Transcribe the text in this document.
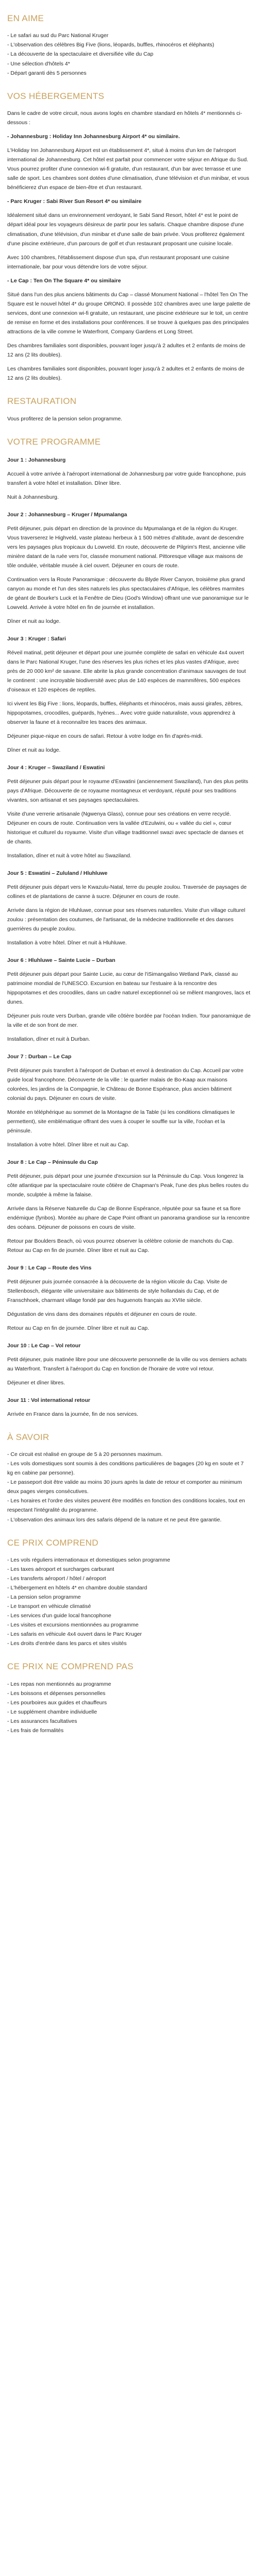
EN AIME

- Le safari au sud du Parc National Kruger

- L'observation des célèbres Big Five (lions, léopards, buffles, rhinocéros et éléphants)

- La découverte de la spectaculaire et diversifiée ville du Cap

- Une sélection d'hôtels 4*

- Départ garanti dès 5 personnes

VOS HÉBERGEMENTS

Dans le cadre de votre circuit, nous avons logés en chambre standard en hôtels 4* mentionnés ci-dessous :

- Johannesburg : Holiday Inn Johannesburg Airport 4* ou similaire.

L'Holiday Inn Johannesburg Airport est un établissement 4*, situé à moins d'un km de l'aéroport international de Johannesburg. Cet hôtel est parfait pour commencer votre séjour en Afrique du Sud. Vous pourrez profiter d'une connexion wi-fi gratuite, d'un restaurant, d'un bar avec terrasse et une salle de sport. Les chambres sont dotées d'une climatisation, d'une télévision et d'un minibar, et vous bénéficierez d'un espace de bien-être et d'un restaurant.

- Parc Kruger : Sabi River Sun Resort 4* ou similaire

Idéalement situé dans un environnement verdoyant, le Sabi Sand Resort, hôtel 4* est le point de départ idéal pour les voyageurs désireux de partir pour les safaris. Chaque chambre dispose d'une climatisation, d'une télévision, d'un minibar et d'une salle de bain privée. Vous profiterez également d'une piscine extérieure, d'un parcours de golf et d'un restaurant proposant une cuisine locale.

Avec 100 chambres, l'établissement dispose d'un spa, d'un restaurant proposant une cuisine internationale, bar pour vous détendre lors de votre séjour.

- Le Cap : Ten On The Square 4* ou similaire

Situé dans l'un des plus anciens bâtiments du Cap – classé Monument National – l'hôtel Ten On The Square est le nouvel hôtel 4* du groupe ORONO. Il possède 102 chambres avec une large palette de services, dont une connexion wi-fi gratuite, un restaurant, une piscine extérieure sur le toit, un centre de remise en forme et des installations pour conférences. Il se trouve à quelques pas des principales attractions de la ville comme le Waterfront, Company Gardens et Long Street.

Des chambres familiales sont disponibles, pouvant loger jusqu'à 2 adultes et 2 enfants de moins de 12 ans (2 lits doubles).

Les chambres familiales sont disponibles, pouvant loger jusqu'à 2 adultes et 2 enfants de moins de 12 ans (2 lits doubles).

RESTAURATION

Vous profiterez de la pension selon programme.

VOTRE PROGRAMME
Jour 1 : Johannesburg

Accueil à votre arrivée à l'aéroport international de Johannesburg par votre guide francophone, puis transfert à votre hôtel et installation. Dîner libre.

Nuit à Johannesburg.

Jour 2 : Johannesburg – Kruger / Mpumalanga

Petit déjeuner, puis départ en direction de la province du Mpumalanga et de la région du Kruger. Vous traverserez le Highveld, vaste plateau herbeux à 1 500 mètres d'altitude, avant de descendre vers les paysages plus tropicaux du Lowveld. En route, découverte de Pilgrim's Rest, ancienne ville minière datant de la ruée vers l'or, classée monument national. Pittoresque village aux maisons de tôle ondulée, véritable musée à ciel ouvert. Déjeuner en cours de route.

Continuation vers la Route Panoramique : découverte du Blyde River Canyon, troisième plus grand canyon au monde et l'un des sites naturels les plus spectaculaires d'Afrique, les célèbres marmites de géant de Bourke's Luck et la Fenêtre de Dieu (God's Window) offrant une vue panoramique sur le Lowveld. Arrivée à votre hôtel en fin de journée et installation.

Dîner et nuit au lodge.

Jour 3 : Kruger : Safari

Réveil matinal, petit déjeuner et départ pour une journée complète de safari en véhicule 4x4 ouvert dans le Parc National Kruger, l'une des réserves les plus riches et les plus vastes d'Afrique, avec près de 20 000 km² de savane. Elle abrite la plus grande concentration d'animaux sauvages de tout le continent : une incroyable biodiversité avec plus de 140 espèces de mammifères, 500 espèces d'oiseaux et 120 espèces de reptiles.

Ici vivent les Big Five : lions, léopards, buffles, éléphants et rhinocéros, mais aussi girafes, zèbres, hippopotames, crocodiles, guépards, hyènes... Avec votre guide naturaliste, vous apprendrez à observer la faune et à reconnaître les traces des animaux.

Déjeuner pique-nique en cours de safari. Retour à votre lodge en fin d'après-midi.

Dîner et nuit au lodge.

Jour 4 : Kruger – Swaziland / Eswatini

Petit déjeuner puis départ pour le royaume d'Eswatini (anciennement Swaziland), l'un des plus petits pays d'Afrique. Découverte de ce royaume montagneux et verdoyant, réputé pour ses traditions vivantes, son artisanat et ses paysages spectaculaires.

Visite d'une verrerie artisanale (Ngwenya Glass), connue pour ses créations en verre recyclé. Déjeuner en cours de route. Continuation vers la vallée d'Ezulwini, ou « vallée du ciel », cœur historique et culturel du royaume. Visite d'un village traditionnel swazi avec spectacle de danses et de chants.

Installation, dîner et nuit à votre hôtel au Swaziland.

Jour 5 : Eswatini – Zululand / Hluhluwe

Petit déjeuner puis départ vers le Kwazulu-Natal, terre du peuple zoulou. Traversée de paysages de collines et de plantations de canne à sucre. Déjeuner en cours de route.

Arrivée dans la région de Hluhluwe, connue pour ses réserves naturelles. Visite d'un village culturel zoulou : présentation des coutumes, de l'artisanat, de la médecine traditionnelle et des danses guerrières du peuple zoulou.

Installation à votre hôtel. Dîner et nuit à Hluhluwe.

Jour 6 : Hluhluwe – Sainte Lucie – Durban

Petit déjeuner puis départ pour Sainte Lucie, au cœur de l'iSimangaliso Wetland Park, classé au patrimoine mondial de l'UNESCO. Excursion en bateau sur l'estuaire à la rencontre des hippopotames et des crocodiles, dans un cadre naturel exceptionnel où se mêlent mangroves, lacs et dunes.

Déjeuner puis route vers Durban, grande ville côtière bordée par l'océan Indien. Tour panoramique de la ville et de son front de mer.

Installation, dîner et nuit à Durban.

Jour 7 : Durban – Le Cap

Petit déjeuner puis transfert à l'aéroport de Durban et envol à destination du Cap. Accueil par votre guide local francophone. Découverte de la ville : le quartier malais de Bo-Kaap aux maisons colorées, les jardins de la Compagnie, le Château de Bonne Espérance, plus ancien bâtiment colonial du pays. Déjeuner en cours de visite.

Montée en téléphérique au sommet de la Montagne de la Table (si les conditions climatiques le permettent), site emblématique offrant des vues à couper le souffle sur la ville, l'océan et la péninsule.

Installation à votre hôtel. Dîner libre et nuit au Cap.

Jour 8 : Le Cap – Péninsule du Cap

Petit déjeuner, puis départ pour une journée d'excursion sur la Péninsule du Cap. Vous longerez la côte atlantique par la spectaculaire route côtière de Chapman's Peak, l'une des plus belles routes du monde, sculptée à même la falaise.

Arrivée dans la Réserve Naturelle du Cap de Bonne Espérance, réputée pour sa faune et sa flore endémique (fynbos). Montée au phare de Cape Point offrant un panorama grandiose sur la rencontre des océans. Déjeuner de poissons en cours de visite.

Retour par Boulders Beach, où vous pourrez observer la célèbre colonie de manchots du Cap. Retour au Cap en fin de journée. Dîner libre et nuit au Cap.

Jour 9 : Le Cap – Route des Vins

Petit déjeuner puis journée consacrée à la découverte de la région viticole du Cap. Visite de Stellenbosch, élégante ville universitaire aux bâtiments de style hollandais du Cap, et de Franschhoek, charmant village fondé par des huguenots français au XVIIe siècle.

Dégustation de vins dans des domaines réputés et déjeuner en cours de route.

Retour au Cap en fin de journée. Dîner libre et nuit au Cap.

Jour 10 : Le Cap – Vol retour

Petit déjeuner, puis matinée libre pour une découverte personnelle de la ville ou vos derniers achats au Waterfront. Transfert à l'aéroport du Cap en fonction de l'horaire de votre vol retour.

Déjeuner et dîner libres.

Jour 11 : Vol international retour

Arrivée en France dans la journée, fin de nos services.

À SAVOIR

- Ce circuit est réalisé en groupe de 5 à 20 personnes maximum.

- Les vols domestiques sont soumis à des conditions particulières de bagages (20 kg en soute et 7 kg en cabine par personne).

- Le passeport doit être valide au moins 30 jours après la date de retour et comporter au minimum deux pages vierges consécutives.

- Les horaires et l'ordre des visites peuvent être modifiés en fonction des conditions locales, tout en respectant l'intégralité du programme.

- L'observation des animaux lors des safaris dépend de la nature et ne peut être garantie.

CE PRIX COMPREND

- Les vols réguliers internationaux et domestiques selon programme

- Les taxes aéroport et surcharges carburant

- Les transferts aéroport / hôtel / aéroport

- L'hébergement en hôtels 4* en chambre double standard

- La pension selon programme

- Le transport en véhicule climatisé

- Les services d'un guide local francophone

- Les visites et excursions mentionnées au programme

- Les safaris en véhicule 4x4 ouvert dans le Parc Kruger

- Les droits d'entrée dans les parcs et sites visités

CE PRIX NE COMPREND PAS

- Les repas non mentionnés au programme

- Les boissons et dépenses personnelles

- Les pourboires aux guides et chauffeurs

- Le supplément chambre individuelle

- Les assurances facultatives

- Les frais de formalités
